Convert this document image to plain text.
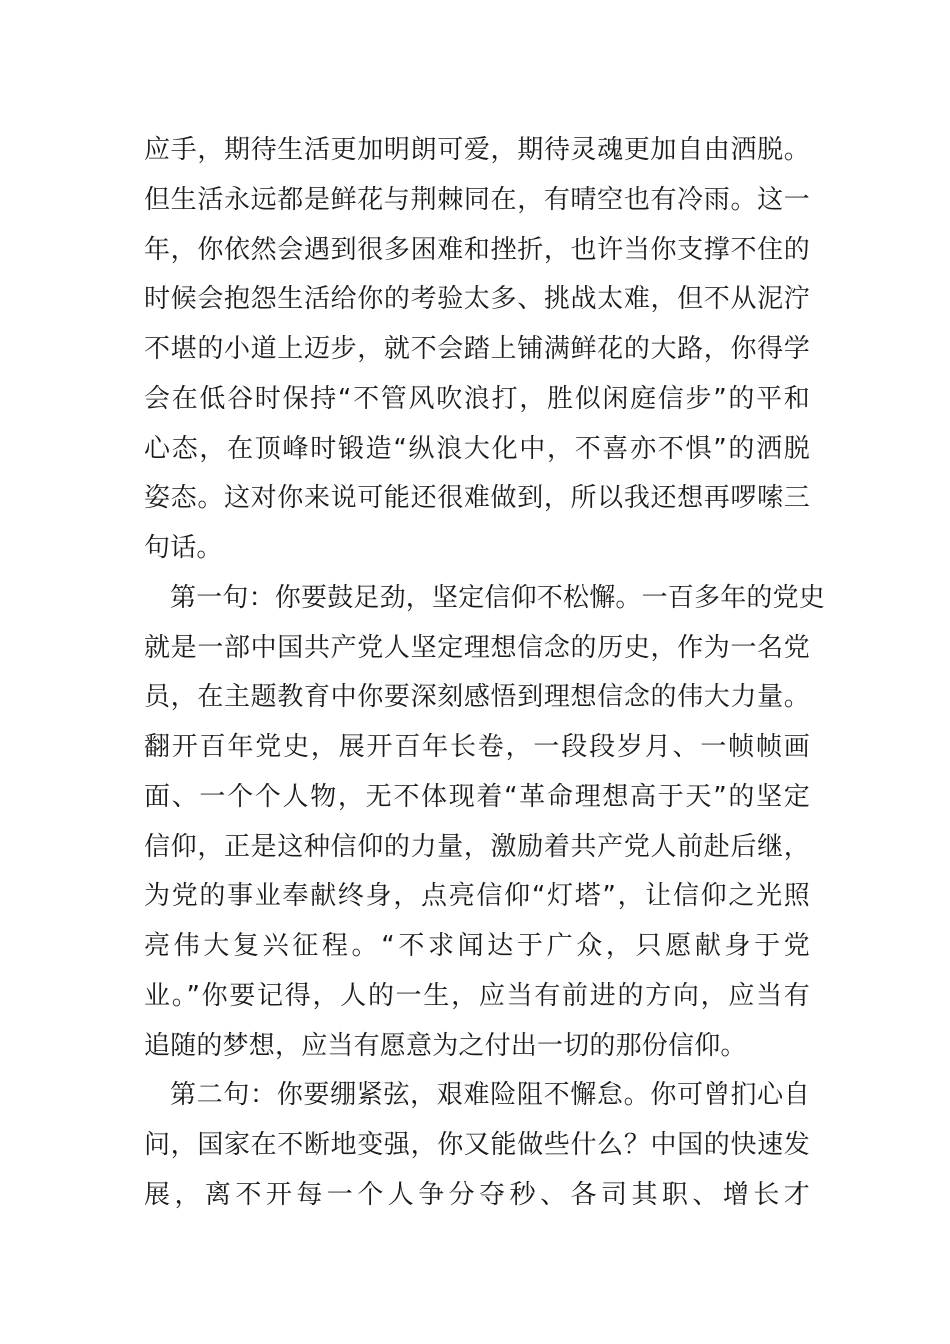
应手，期待生活更加明朗可爱，期待灵魂更加自由洒脱。
但生活永远都是鲜花与荆棘同在，有晴空也有冷雨。这一
年，你依然会遇到很多困难和挫折，也许当你支撑不住的
时候会抱怨生活给你的考验太多、挑战太难，但不从泥泞
不堪的小道上迈步，就不会踏上铺满鲜花的大路，你得学
会在低谷时保持“不管风吹浪打，胜似闲庭信步”的平和
心态，在顶峰时锻造“纵浪大化中，不喜亦不惧”的洒脱
姿态。这对你来说可能还很难做到，所以我还想再啰嗦三
句话。
第一句：你要鼓足劲，坚定信仰不松懈。一百多年的党史
就是一部中国共产党人坚定理想信念的历史，作为一名党
员，在主题教育中你要深刻感悟到理想信念的伟大力量。
翻开百年党史，展开百年长卷，一段段岁月、一帧帧画
面、一个个人物，无不体现着“革命理想高于天”的坚定
信仰，正是这种信仰的力量，激励着共产党人前赴后继，
为党的事业奉献终身，点亮信仰“灯塔”，让信仰之光照
亮伟大复兴征程。“不求闻达于广众，只愿献身于党
业。”你要记得，人的一生，应当有前进的方向，应当有
追随的梦想，应当有愿意为之付出一切的那份信仰。
第二句：你要绷紧弦，艰难险阻不懈怠。你可曾扪心自
问，国家在不断地变强，你又能做些什么？中国的快速发
展，离不开每一个人争分夺秒、各司其职、增长才
